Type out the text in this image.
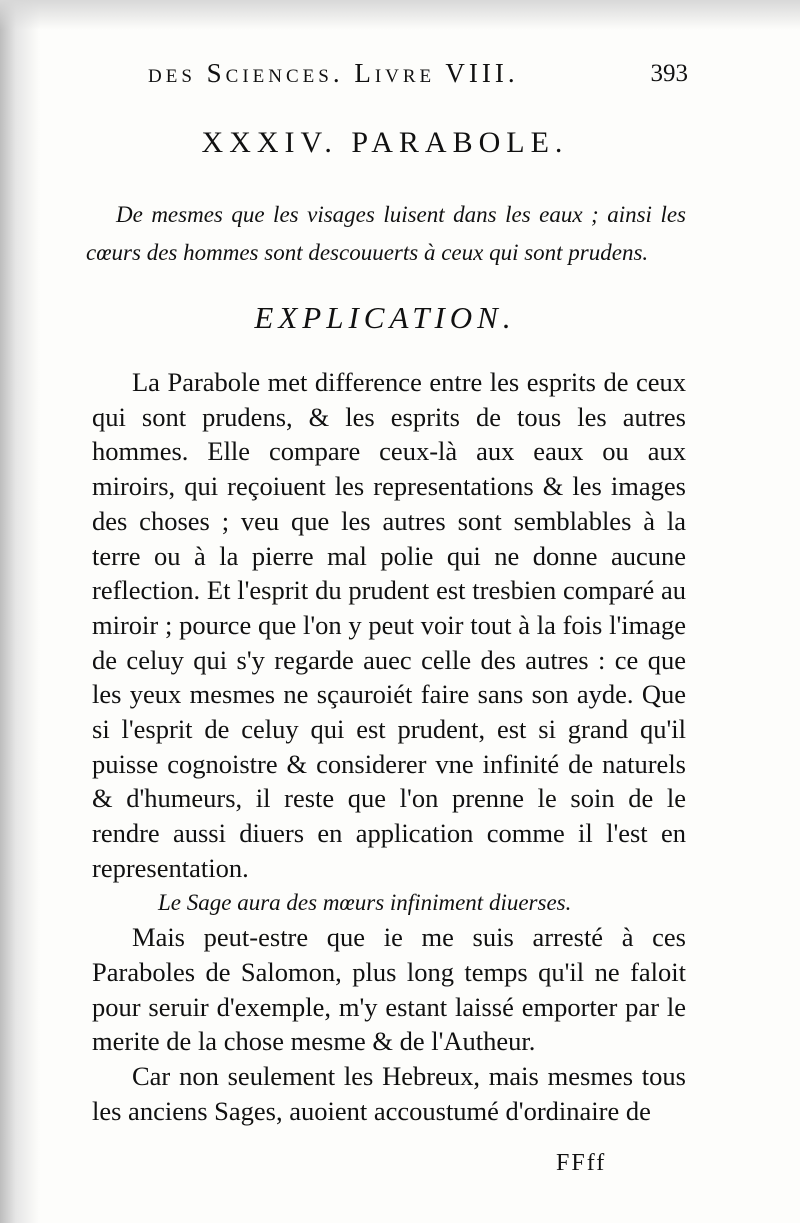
des Sciences. Livre VIII.	393
XXXIV. PARABOLE.
De mesmes que les visages luisent dans les eaux ; ainsi les cœurs des hommes sont descouuerts à ceux qui sont prudens.
EXPLICATION.

La Parabole met difference entre les esprits de ceux qui sont prudens, & les esprits de tous les autres hommes. Elle compare ceux-là aux eaux ou aux miroirs, qui reçoiuent les representations & les images des choses ; veu que les autres sont semblables à la terre ou à la pierre mal polie qui ne donne aucune reflection. Et l'esprit du prudent est tresbien comparé au miroir ; pource que l'on y peut voir tout à la fois l'image de celuy qui s'y regarde auec celle des autres : ce que les yeux mesmes ne sçauroiét faire sans son ayde. Que si l'esprit de celuy qui est prudent, est si grand qu'il puisse cognoistre & considerer vne infinité de naturels & d'humeurs, il reste que l'on prenne le soin de le rendre aussi diuers en application comme il l'est en representation.

Le Sage aura des mœurs infiniment diuerses.

Mais peut-estre que ie me suis arresté à ces Paraboles de Salomon, plus long temps qu'il ne faloit pour seruir d'exemple, m'y estant laissé emporter par le merite de la chose mesme & de l'Autheur.

Car non seulement les Hebreux, mais mesmes tous les anciens Sages, auoient accoustumé d'ordinaire de

FFff
